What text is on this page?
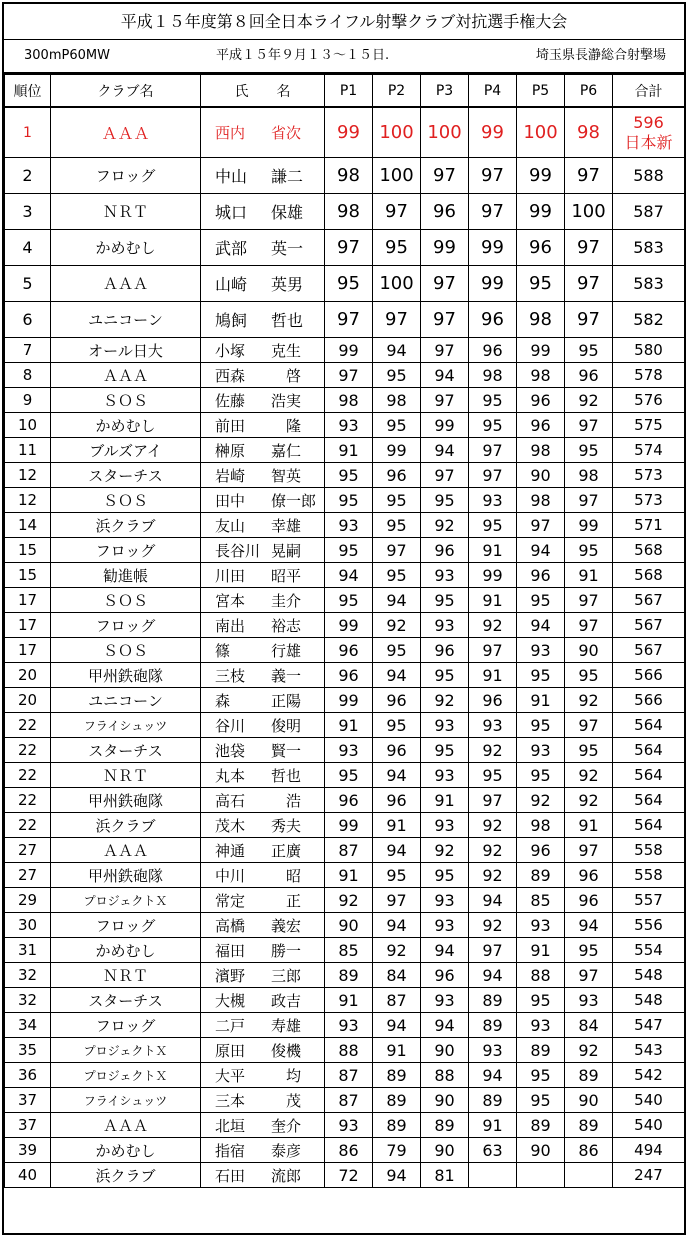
平成１５年度第８回全日本ライフル射撃クラブ対抗選手権大会
300mP60MW	平成１５年９月１３〜１５日.	埼玉県長瀞総合射撃場
順位	クラブ名	氏　　名	P1	P2	P3	P4	P5	P6	合計
1	ＡＡＡ	西内 省次	99	100	100	99	100	98	596
日本新

2	フロッグ	中山 謙二	98	100	97	97	99	97	588
3	ＮＲＴ	城口 保雄	98	97	96	97	99	100	587
4	かめむし	武部 英一	97	95	99	99	96	97	583
5	ＡＡＡ	山崎 英男	95	100	97	99	95	97	583
6	ユニコーン	鳩飼 哲也	97	97	97	96	98	97	582
7	オール日大	小塚 克生	99	94	97	96	99	95	580
8	ＡＡＡ	西森　啓	97	95	94	98	98	96	578
9	ＳＯＳ	佐藤 浩実	98	98	97	95	96	92	576
10	かめむし	前田　隆	93	95	99	95	96	97	575
11	ブルズアイ	榊原 嘉仁	91	99	94	97	98	95	574
12	スターチス	岩崎 智英	95	96	97	97	90	98	573
12	ＳＯＳ	田中 僚一郎	95	95	95	93	98	97	573
14	浜クラブ	友山 幸雄	93	95	92	95	97	99	571
15	フロッグ	長谷川 晃嗣	95	97	96	91	94	95	568
15	勧進帳	川田 昭平	94	95	93	99	96	91	568
17	ＳＯＳ	宮本 圭介	95	94	95	91	95	97	567
17	フロッグ	南出 裕志	99	92	93	92	94	97	567
17	ＳＯＳ	篠 行雄	96	95	96	97	93	90	567
20	甲州鉄砲隊	三枝 義一	96	94	95	91	95	95	566
20	ユニコーン	森 正陽	99	96	92	96	91	92	566
22	フライシュッツ	谷川 俊明	91	95	93	93	95	97	564
22	スターチス	池袋 賢一	93	96	95	92	93	95	564
22	ＮＲＴ	丸本 哲也	95	94	93	95	95	92	564
22	甲州鉄砲隊	高石　浩	96	96	91	97	92	92	564
22	浜クラブ	茂木 秀夫	99	91	93	92	98	91	564
27	ＡＡＡ	神通 正廣	87	94	92	92	96	97	558
27	甲州鉄砲隊	中川　昭	91	95	95	92	89	96	558
29	プロジェクトＸ	常定　正	92	97	93	94	85	96	557
30	フロッグ	高橋 義宏	90	94	93	92	93	94	556
31	かめむし	福田 勝一	85	92	94	97	91	95	554
32	ＮＲＴ	濱野 三郎	89	84	96	94	88	97	548
32	スターチス	大槻 政吉	91	87	93	89	95	93	548
34	フロッグ	二戸 寿雄	93	94	94	89	93	84	547
35	プロジェクトＸ	原田 俊機	88	91	90	93	89	92	543
36	プロジェクトＸ	大平　均	87	89	88	94	95	89	542
37	フライシュッツ	三本　茂	87	89	90	89	95	90	540
37	ＡＡＡ	北垣 奎介	93	89	89	91	89	89	540
39	かめむし	指宿 泰彦	86	79	90	63	90	86	494
40	浜クラブ	石田 流郎	72	94	81				247
